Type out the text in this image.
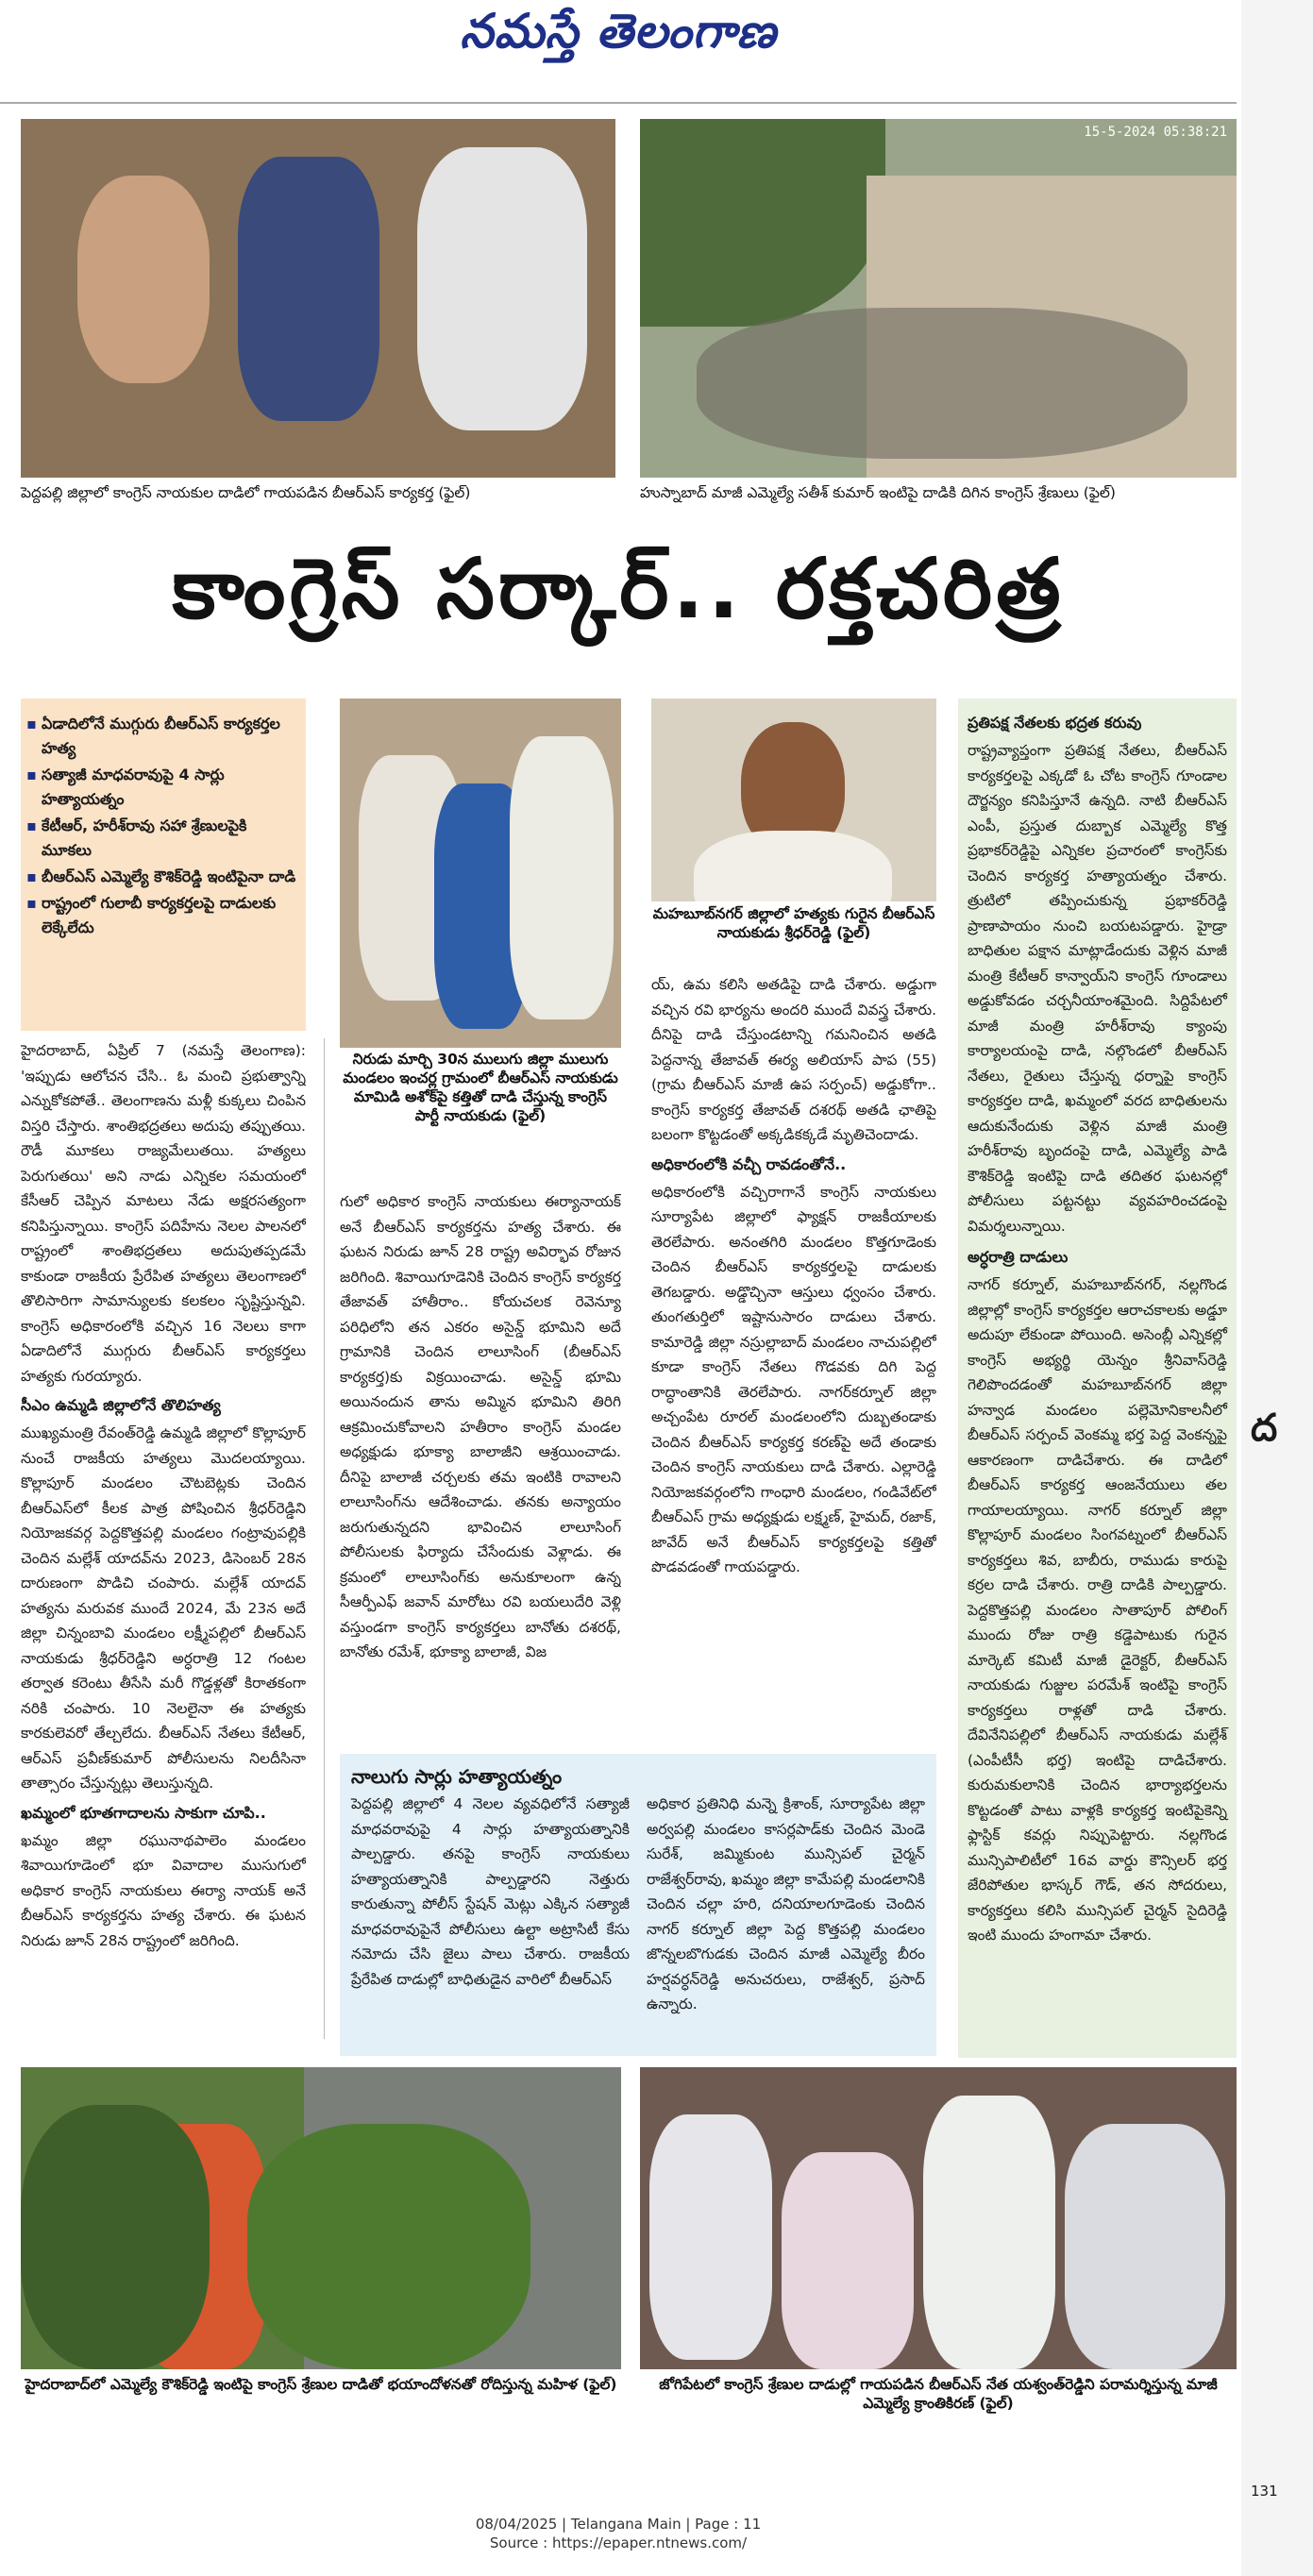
నమస్తే తెలంగాణ
పెద్దపల్లి జిల్లాలో కాంగ్రెస్ నాయకుల దాడిలో గాయపడిన బీఆర్ఎస్ కార్యకర్త (ఫైల్)
15-5-2024 05:38:21
హుస్నాబాద్ మాజీ ఎమ్మెల్యే సతీశ్ కుమార్ ఇంటిపై దాడికి దిగిన కాంగ్రెస్ శ్రేణులు (ఫైల్)
కాంగ్రెస్ సర్కార్.. రక్తచరిత్ర
▪ ఏడాదిలోనే ముగ్గురు బీఆర్ఎస్ కార్యకర్తల హత్య
▪ సత్యాజీ మాధవరావుపై 4 సార్లు హత్యాయత్నం
▪ కేటీఆర్, హరీశ్‌రావు సహా శ్రేణులపైకి మూకలు
▪ బీఆర్ఎస్ ఎమ్మెల్యే కౌశిక్‌రెడ్డి ఇంటిపైనా దాడి
▪ రాష్ట్రంలో గులాబీ కార్యకర్తలపై దాడులకు లెక్కేలేదు
నిరుడు మార్చి 30న ములుగు జిల్లా ములుగు మండలం ఇంచర్ల గ్రామంలో బీఆర్ఎస్ నాయకుడు మామిడి అశోక్‌పై కత్తితో దాడి చేస్తున్న కాంగ్రెస్ పార్టీ నాయకుడు (ఫైల్)
మహబూబ్‌నగర్ జిల్లాలో హత్యకు గురైన బీఆర్ఎస్ నాయకుడు శ్రీధర్‌రెడ్డి (ఫైల్)

హైదరాబాద్, ఏప్రిల్ 7 (నమస్తే తెలంగాణ): 'ఇప్పుడు ఆలోచన చేసి.. ఓ మంచి ప్రభుత్వాన్ని ఎన్నుకోకపోతే.. తెలంగాణను మళ్లీ కుక్కలు చింపిన విస్తరి చేస్తారు. శాంతిభద్రతలు అదుపు తప్పుతయి. రౌడీ మూకలు రాజ్యమేలుతయి. హత్యలు పెరుగుతయి' అని నాడు ఎన్నికల సమయంలో కేసీఆర్ చెప్పిన మాటలు నేడు అక్షరసత్యంగా కనిపిస్తున్నాయి. కాంగ్రెస్ పదిహేను నెలల పాలనలో రాష్ట్రంలో శాంతిభద్రతలు అదుపుతప్పడమే కాకుండా రాజకీయ ప్రేరేపిత హత్యలు తెలంగాణలో తొలిసారిగా సామాన్యులకు కలకలం సృష్టిస్తున్నవి. కాంగ్రెస్ అధికారంలోకి వచ్చిన 16 నెలలు కాగా ఏడాదిలోనే ముగ్గురు బీఆర్ఎస్ కార్యకర్తలు హత్యకు గురయ్యారు.

సీఎం ఉమ్మడి జిల్లాలోనే తొలిహత్య

ముఖ్యమంత్రి రేవంత్‌రెడ్డి ఉమ్మడి జిల్లాలో కొల్లాపూర్ నుంచే రాజకీయ హత్యలు మొదలయ్యాయి. కొల్లాపూర్ మండలం చౌటబెట్లకు చెందిన బీఆర్ఎస్‌లో కీలక పాత్ర పోషించిన శ్రీధర్‌రెడ్డిని నియోజకవర్గ పెద్దకొత్తపల్లి మండలం గంట్రావుపల్లికి చెందిన మల్లేశ్ యాదవ్‌ను 2023, డిసెంబర్ 28న దారుణంగా పొడిచి చంపారు. మల్లేశ్ యాదవ్ హత్యను మరువక ముందే 2024, మే 23న అదే జిల్లా చిన్నంబావి మండలం లక్ష్మీపల్లిలో బీఆర్ఎస్ నాయకుడు శ్రీధర్‌రెడ్డిని అర్ధరాత్రి 12 గంటల తర్వాత కరెంటు తీసేసి మరీ గొడ్డళ్లతో కిరాతకంగా నరికి చంపారు. 10 నెలలైనా ఈ హత్యకు కారకులెవరో తేల్చలేదు. బీఆర్ఎస్ నేతలు కేటీఆర్, ఆర్ఎస్ ప్రవీణ్‌కుమార్ పోలీసులను నిలదీసినా తాత్సారం చేస్తున్నట్లు తెలుస్తున్నది.

ఖమ్మంలో భూతగాదాలను సాకుగా చూపి..

ఖమ్మం జిల్లా రఘునాథపాలెం మండలం శివాయిగూడెంలో భూ వివాదాల ముసుగులో అధికార కాంగ్రెస్ నాయకులు ఈర్యా నాయక్ అనే బీఆర్ఎస్ కార్యకర్తను హత్య చేశారు. ఈ ఘటన నిరుడు జూన్ 28న రాష్ట్రంలో జరిగింది.

గులో అధికార కాంగ్రెస్ నాయకులు ఈర్యానాయక్ అనే బీఆర్ఎస్ కార్యకర్తను హత్య చేశారు. ఈ ఘటన నిరుడు జూన్ 28 రాష్ట్ర అవిర్భావ రోజున జరిగింది. శివాయిగూడెనికి చెందిన కాంగ్రెస్ కార్యకర్త తేజావత్ హాతీరాం.. కోయచలక రెవెన్యూ పరిధిలోని తన ఎకరం అసైన్డ్ భూమిని అదే గ్రామానికి చెందిన లాలూసింగ్ (బీఆర్ఎస్ కార్యకర్త)కు విక్రయించాడు. అసైన్డ్ భూమి అయినందున తాను అమ్మిన భూమిని తిరిగి ఆక్రమించుకోవాలని హతీరాం కాంగ్రెస్ మండల అధ్యక్షుడు భూక్యా బాలాజీని ఆశ్రయించాడు. దీనిపై బాలాజీ చర్చలకు తమ ఇంటికి రావాలని లాలూసింగ్‌ను ఆదేశించాడు. తనకు అన్యాయం జరుగుతున్నదని భావించిన లాలూసింగ్ పోలీసులకు ఫిర్యాదు చేసేందుకు వెళ్లాడు. ఈ క్రమంలో లాలూసింగ్‌కు అనుకూలంగా ఉన్న సీఆర్పీఎఫ్ జవాన్ మారోటు రవి బయలుదేరి వెళ్లి వస్తుండగా కాంగ్రెస్ కార్యకర్తలు బానోతు దశరథ్, బానోతు రమేశ్, భూక్యా బాలాజీ, విజ

య్, ఉమ కలిసి అతడిపై దాడి చేశారు. అడ్డుగా వచ్చిన రవి భార్యను అందరి ముందే వివస్త్ర చేశారు. దీనిపై దాడి చేస్తుండటాన్ని గమనించిన అతడి పెద్దనాన్న తేజావత్ ఈర్య అలియాస్ పాప (55) (గ్రామ బీఆర్ఎస్ మాజీ ఉప సర్పంచ్) అడ్డుకోగా.. కాంగ్రెస్ కార్యకర్త తేజావత్ దశరథ్ అతడి ఛాతిపై బలంగా కొట్టడంతో అక్కడికక్కడే మృతిచెందాడు.

అధికారంలోకి వచ్చీ రావడంతోనే..

అధికారంలోకి వచ్చిరాగానే కాంగ్రెస్ నాయకులు సూర్యాపేట జిల్లాలో ఫ్యాక్షన్ రాజకీయాలకు తెరలేపారు. అనంతగిరి మండలం కొత్తగూడెంకు చెందిన బీఆర్ఎస్ కార్యకర్తలపై దాడులకు తెగబడ్డారు. అడ్డొచ్చినా ఆస్తులు ధ్వంసం చేశారు. తుంగతుర్తిలో ఇష్టానుసారం దాడులు చేశారు. కామారెడ్డి జిల్లా నస్రుల్లాబాద్ మండలం నాచుపల్లిలో కూడా కాంగ్రెస్ నేతలు గొడవకు దిగి పెద్ద రాద్ధాంతానికి తెరలేపారు. నాగర్‌కర్నూల్ జిల్లా అచ్చంపేట రూరల్ మండలంలోని దుబ్బతండాకు చెందిన బీఆర్ఎస్ కార్యకర్త కరణ్‌పై అదే తండాకు చెందిన కాంగ్రెస్ నాయకులు దాడి చేశారు. ఎల్లారెడ్డి నియోజకవర్గంలోని గాంధారి మండలం, గండివేట్‌లో బీఆర్ఎస్ గ్రామ అధ్యక్షుడు లక్ష్మణ్, హైమద్, రజాక్, జావేద్ అనే బీఆర్ఎస్ కార్యకర్తలపై కత్తితో పొడవడంతో గాయపడ్డారు.

నాలుగు సార్లు హత్యాయత్నం

పెద్దపల్లి జిల్లాలో 4 నెలల వ్యవధిలోనే సత్యాజీ మాధవరావుపై 4 సార్లు హత్యాయత్నానికి పాల్పడ్డారు. తనపై కాంగ్రెస్ నాయకులు హత్యాయత్నానికి పాల్పడ్డారని నెత్తురు కారుతున్నా పోలీస్ స్టేషన్ మెట్లు ఎక్కిన సత్యాజీ మాధవరావుపైనే పోలీసులు ఉల్టా అట్రాసిటీ కేసు నమోదు చేసి జైలు పాలు చేశారు. రాజకీయ ప్రేరేపిత దాడుల్లో బాధితుడైన వారిలో బీఆర్ఎస్

అధికార ప్రతినిధి మన్నె క్రిశాంక్, సూర్యాపేట జిల్లా అర్వపల్లి మండలం కాసర్లపాడ్‌కు చెందిన మెండె సురేశ్, జమ్మికుంట మున్సిపల్ చైర్మన్ రాజేశ్వర్‌రావు, ఖమ్మం జిల్లా కామేపల్లి మండలానికి చెందిన చల్లా హరి, దనియాలగూడెంకు చెందిన నాగర్ కర్నూల్ జిల్లా పెద్ద కొత్తపల్లి మండలం జొన్నలబొగుడకు చెందిన మాజీ ఎమ్మెల్యే బీరం హర్షవర్ధన్‌రెడ్డి అనుచరులు, రాజేశ్వర్, ప్రసాద్ ఉన్నారు.

ప్రతిపక్ష నేతలకు భద్రత కరువు

రాష్ట్రవ్యాప్తంగా ప్రతిపక్ష నేతలు, బీఆర్ఎస్ కార్యకర్తలపై ఎక్కడో ఓ చోట కాంగ్రెస్ గూండాల దౌర్జన్యం కనిపిస్తూనే ఉన్నది. నాటి బీఆర్ఎస్ ఎంపీ, ప్రస్తుత దుబ్బాక ఎమ్మెల్యే కొత్త ప్రభాకర్‌రెడ్డిపై ఎన్నికల ప్రచారంలో కాంగ్రెస్‌కు చెందిన కార్యకర్త హత్యాయత్నం చేశారు. త్రుటిలో తప్పించుకున్న ప్రభాకర్‌రెడ్డి ప్రాణాపాయం నుంచి బయటపడ్డారు. హైడ్రా బాధితుల పక్షాన మాట్లాడేందుకు వెళ్లిన మాజీ మంత్రి కేటీఆర్ కాన్వాయ్‌ని కాంగ్రెస్ గూండాలు అడ్డుకోవడం చర్చనీయాంశమైంది. సిద్దిపేటలో మాజీ మంత్రి హరీశ్‌రావు క్యాంపు కార్యాలయంపై దాడి, నల్గొండలో బీఆర్ఎస్ నేతలు, రైతులు చేస్తున్న ధర్నాపై కాంగ్రెస్ కార్యకర్తల దాడి, ఖమ్మంలో వరద బాధితులను ఆదుకునేందుకు వెళ్లిన మాజీ మంత్రి హరీశ్‌రావు బృందంపై దాడి, ఎమ్మెల్యే పాడి కౌశిక్‌రెడ్డి ఇంటిపై దాడి తదితర ఘటనల్లో పోలీసులు పట్టనట్టు వ్యవహరించడంపై విమర్శలున్నాయి.

అర్ధరాత్రి దాడులు

నాగర్ కర్నూల్, మహబూబ్‌నగర్, నల్లగొండ జిల్లాల్లో కాంగ్రెస్ కార్యకర్తల ఆరాచకాలకు అడ్డూ అదుపూ లేకుండా పోయింది. అసెంబ్లీ ఎన్నికల్లో కాంగ్రెస్ అభ్యర్థి యెన్నం శ్రీనివాస్‌రెడ్డి గెలిపొందడంతో మహబూబ్‌నగర్ జిల్లా హన్వాడ మండలం పల్లెమోనికాలనీలో బీఆర్ఎస్ సర్పంచ్ వెంకమ్మ భర్త పెద్ద వెంకన్నపై ఆకారణంగా దాడిచేశారు. ఈ దాడిలో బీఆర్ఎస్ కార్యకర్త ఆంజనేయులు తల గాయాలయ్యాయి. నాగర్ కర్నూల్ జిల్లా కొల్లాపూర్ మండలం సింగవట్నంలో బీఆర్ఎస్ కార్యకర్తలు శివ, బాబీరు, రాముడు కారుపై కర్రల దాడి చేశారు. రాత్రి దాడికి పాల్పడ్డారు. పెద్దకొత్తపల్లి మండలం సాతాపూర్ పోలింగ్ ముందు రోజు రాత్రి కడ్డెపాటుకు గురైన మార్కెట్ కమిటీ మాజీ డైరెక్టర్, బీఆర్ఎస్ నాయకుడు గుజ్జుల పరమేశ్ ఇంటిపై కాంగ్రెస్ కార్యకర్తలు రాళ్లతో దాడి చేశారు. దేవినేనిపల్లిలో బీఆర్ఎస్ నాయకుడు మల్లేశ్ (ఎంపీటీసీ భర్త) ఇంటిపై దాడిచేశారు. కురుమకులానికి చెందిన భార్యాభర్తలను కొట్టడంతో పాటు వాళ్లకి కార్యకర్త ఇంటిపైకెన్ని ఫ్లాస్టిక్ కవర్లు నిప్పుపెట్టారు. నల్లగొండ మున్సిపాలిటీలో 16వ వార్డు కౌన్సిలర్ భర్త జేరిపోతుల భాస్కర్ గౌడ్, తన సోదరులు, కార్యకర్తలు కలిసి మున్సిపల్ చైర్మన్ సైదిరెడ్డి ఇంటి ముందు హంగామా చేశారు.

హైదరాబాద్‌లో ఎమ్మెల్యే కౌశిక్‌రెడ్డి ఇంటిపై కాంగ్రెస్ శ్రేణుల దాడితో భయాందోళనతో రోదిస్తున్న మహిళ (ఫైల్)	జోగిపేటలో కాంగ్రెస్ శ్రేణుల దాడుల్లో గాయపడిన బీఆర్ఎస్ నేత యశ్వంత్‌రెడ్డిని పరామర్శిస్తున్న మాజీ ఎమ్మెల్యే క్రాంతికిరణ్ (ఫైల్)
08/04/2025 | Telangana Main | Page : 11
Source : https://epaper.ntnews.com/
ద
131
